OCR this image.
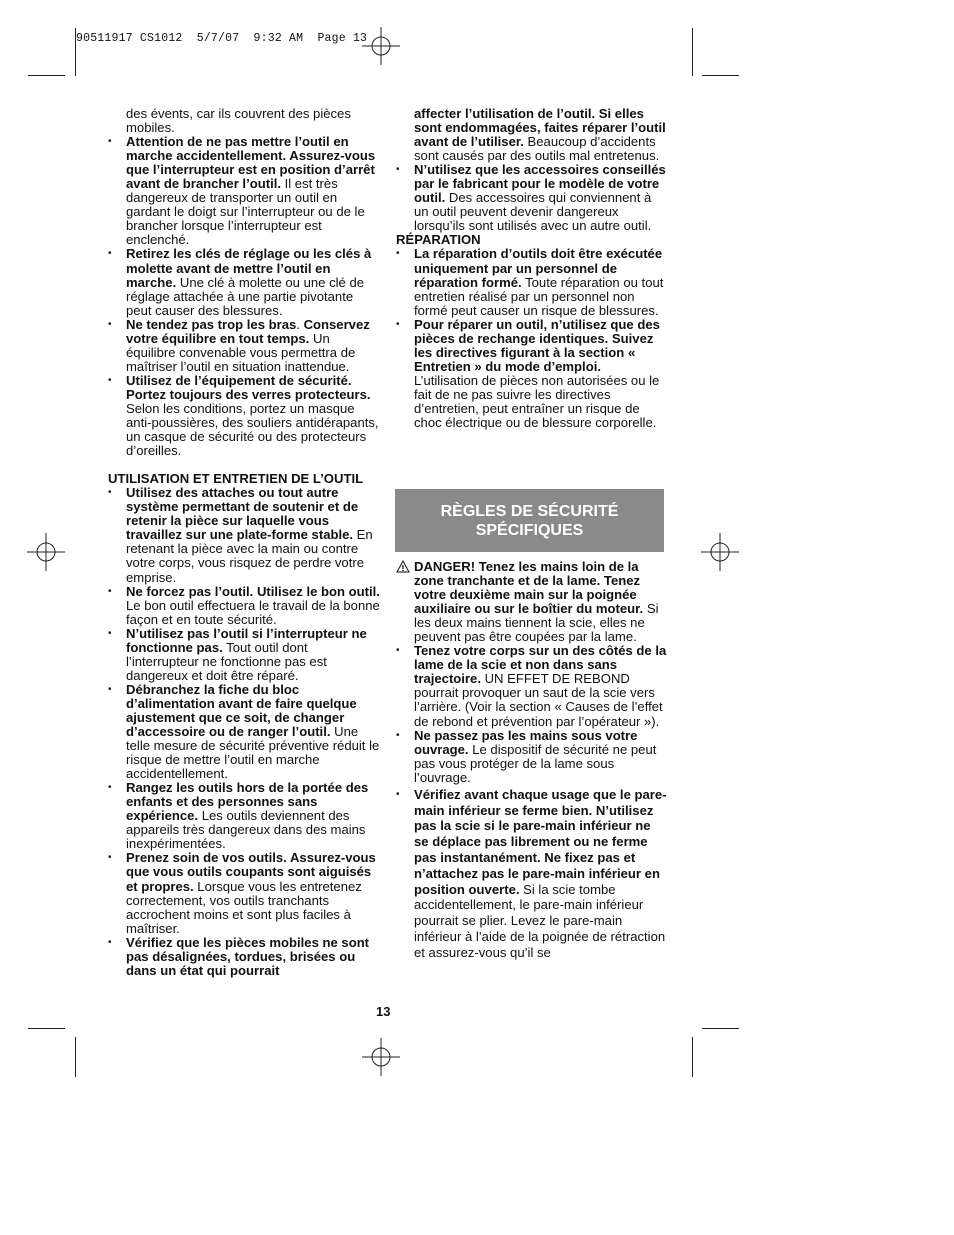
90511917 CS1012  5/7/07  9:32 AM  Page 13

des évents, car ils couvrent des pièces mobiles.

• Attention de ne pas mettre l’outil en marche accidentellement. Assurez-vous que l’interrupteur est en position d’arrêt avant de brancher l’outil. Il est très dangereux de transporter un outil en gardant le doigt sur l’interrupteur ou de le brancher lorsque l’interrupteur est enclenché.
• Retirez les clés de réglage ou les clés à molette avant de mettre l’outil en marche. Une clé à molette ou une clé de réglage attachée à une partie pivotante peut causer des blessures.
• Ne tendez pas trop les bras. Conservez votre équilibre en tout temps. Un équilibre convenable vous permettra de maîtriser l’outil en situation inattendue.
• Utilisez de l’équipement de sécurité. Portez toujours des verres protecteurs. Selon les conditions, portez un masque anti-poussières, des souliers antidérapants, un casque de sécurité ou des protecteurs d’oreilles.

UTILISATION ET ENTRETIEN DE L’OUTIL

• Utilisez des attaches ou tout autre système permettant de soutenir et de retenir la pièce sur laquelle vous travaillez sur une plate-forme stable. En retenant la pièce avec la main ou contre votre corps, vous risquez de perdre votre emprise.
• Ne forcez pas l’outil. Utilisez le bon outil. Le bon outil effectuera le travail de la bonne façon et en toute sécurité.
• N’utilisez pas l’outil si l’interrupteur ne fonctionne pas. Tout outil dont l’interrupteur ne fonctionne pas est dangereux et doit être réparé.
• Débranchez la fiche du bloc d’alimentation avant de faire quelque ajustement que ce soit, de changer d’accessoire ou de ranger l’outil. Une telle mesure de sécurité préventive réduit le risque de mettre l’outil en marche accidentellement.
• Rangez les outils hors de la portée des enfants et des personnes sans expérience. Les outils deviennent des appareils très dangereux dans des mains inexpérimentées.
• Prenez soin de vos outils. Assurez-vous que vous outils coupants sont aiguisés et propres. Lorsque vous les entretenez correctement, vos outils tranchants accrochent moins et sont plus faciles à maîtriser.
• Vérifiez que les pièces mobiles ne sont pas désalignées, tordues, brisées ou dans un état qui pourrait

affecter l’utilisation de l’outil. Si elles sont endommagées, faites réparer l’outil avant de l’utiliser. Beaucoup d’accidents sont causés par des outils mal entretenus.

• N’utilisez que les accessoires conseillés par le fabricant pour le modèle de votre outil. Des accessoires qui conviennent à un outil peuvent devenir dangereux lorsqu’ils sont utilisés avec un autre outil.

RÉPARATION

• La réparation d’outils doit être exécutée uniquement par un personnel de réparation formé. Toute réparation ou tout entretien réalisé par un personnel non formé peut causer un risque de blessures.
• Pour réparer un outil, n’utilisez que des pièces de rechange identiques. Suivez les directives figurant à la section « Entretien » du mode d’emploi. L’utilisation de pièces non autorisées ou le fait de ne pas suivre les directives d’entretien, peut entraîner un risque de choc électrique ou de blessure corporelle.
RÈGLES DE SÉCURITÉ
SPÉCIFIQUES
DANGER! Tenez les mains loin de la zone tranchante et de la lame. Tenez votre deuxième main sur la poignée auxiliaire ou sur le boîtier du moteur. Si les deux mains tiennent la scie, elles ne peuvent pas être coupées par la lame.
• Tenez votre corps sur un des côtés de la lame de la scie et non dans sans trajectoire. UN EFFET DE REBOND pourrait provoquer un saut de la scie vers l’arrière. (Voir la section « Causes de l’effet de rebond et prévention par l’opérateur »).
• Ne passez pas les mains sous votre ouvrage. Le dispositif de sécurité ne peut pas vous protéger de la lame sous l’ouvrage.
• Vérifiez avant chaque usage que le pare-main inférieur se ferme bien. N’utilisez pas la scie si le pare-main inférieur ne se déplace pas librement ou ne ferme pas instantanément. Ne fixez pas et n’attachez pas le pare-main inférieur en position ouverte. Si la scie tombe accidentellement, le pare-main inférieur pourrait se plier. Levez le pare-main inférieur à l’aide de la poignée de rétraction et assurez-vous qu’il se
13
